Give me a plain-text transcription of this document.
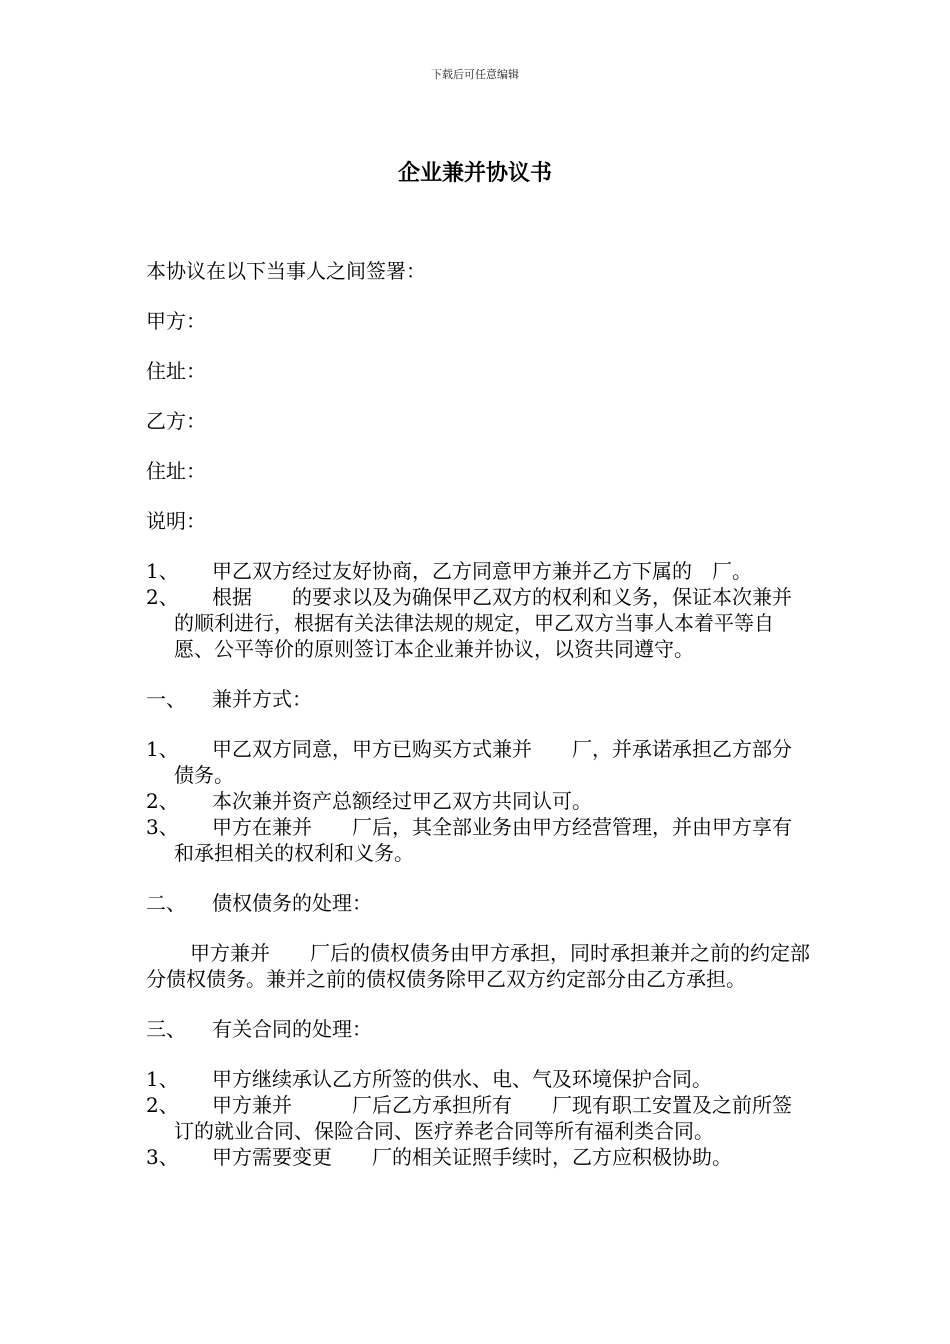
下载后可任意编辑
企业兼并协议书

本协议在以下当事人之间签署：

甲方：

住址：

乙方：

住址：

说明：

1、 甲乙双方经过友好协商，乙方同意甲方兼并乙方下属的　厂。

2、 根据　　的要求以及为确保甲乙双方的权利和义务，保证本次兼并的顺利进行，根据有关法律法规的规定，甲乙双方当事人本着平等自愿、公平等价的原则签订本企业兼并协议，以资共同遵守。

一、 兼并方式：

1、 甲乙双方同意，甲方已购买方式兼并　　厂，并承诺承担乙方部分债务。

2、 本次兼并资产总额经过甲乙双方共同认可。

3、 甲方在兼并　　厂后，其全部业务由甲方经营管理，并由甲方享有和承担相关的权利和义务。

二、 债权债务的处理：

甲方兼并　　厂后的债权债务由甲方承担，同时承担兼并之前的约定部分债权债务。兼并之前的债权债务除甲乙双方约定部分由乙方承担。

三、 有关合同的处理：

1、 甲方继续承认乙方所签的供水、电、气及环境保护合同。

2、 甲方兼并　　　厂后乙方承担所有　　厂现有职工安置及之前所签订的就业合同、保险合同、医疗养老合同等所有福利类合同。

3、 甲方需要变更　　厂的相关证照手续时，乙方应积极协助。
